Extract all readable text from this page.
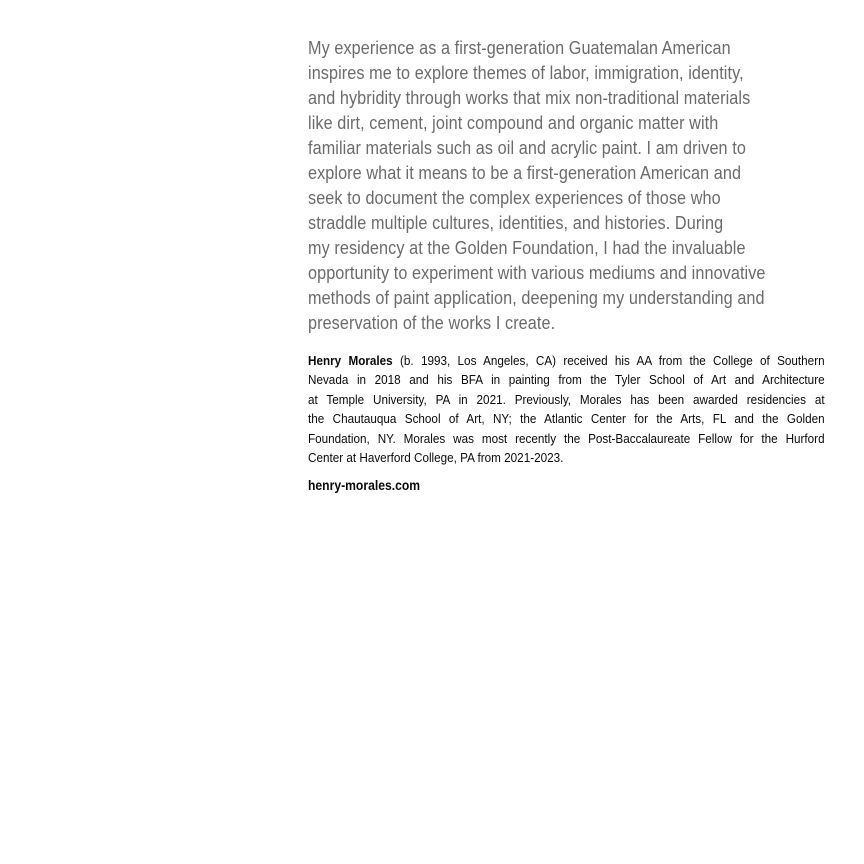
My experience as a first-generation Guatemalan American
inspires me to explore themes of labor, immigration, identity,
and hybridity through works that mix non-traditional materials
like dirt, cement, joint compound and organic matter with
familiar materials such as oil and acrylic paint. I am driven to
explore what it means to be a first-generation American and
seek to document the complex experiences of those who
straddle multiple cultures, identities, and histories. During
my residency at the Golden Foundation, I had the invaluable
opportunity to experiment with various mediums and innovative
methods of paint application, deepening my understanding and
preservation of the works I create.
Henry Morales (b. 1993, Los Angeles, CA) received his AA from the College of Southern
Nevada in 2018 and his BFA in painting from the Tyler School of Art and Architecture
at Temple University, PA in 2021. Previously, Morales has been awarded residencies at
the Chautauqua School of Art, NY; the Atlantic Center for the Arts, FL and the Golden
Foundation, NY. Morales was most recently the Post-Baccalaureate Fellow for the Hurford
Center at Haverford College, PA from 2021-2023.
henry-morales.com
